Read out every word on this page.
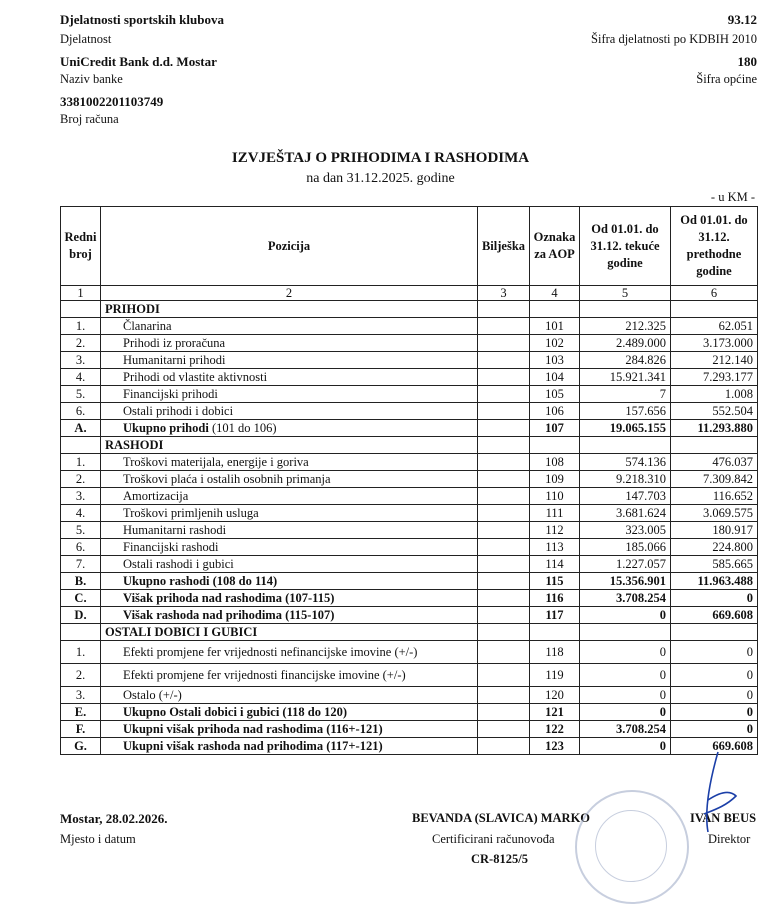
Djelatnosti sportskih klubova
Djelatnost
93.12
Šifra djelatnosti po KDBIH 2010
UniCredit Bank d.d. Mostar
Naziv banke
180
Šifra općine
3381002201103749
Broj računa
IZVJEŠTAJ O PRIHODIMA I RASHODIMA
na dan 31.12.2025. godine
- u KM -
Redni broj	Pozicija	Bilješka	Oznaka za AOP	Od 01.01. do 31.12. tekuće godine	Od 01.01. do 31.12. prethodne godine
1	2	3	4	5	6
	PRIHODI				
1.	Članarina		101	212.325	62.051
2.	Prihodi iz proračuna		102	2.489.000	3.173.000
3.	Humanitarni prihodi		103	284.826	212.140
4.	Prihodi od vlastite aktivnosti		104	15.921.341	7.293.177
5.	Financijski prihodi		105	7	1.008
6.	Ostali prihodi i dobici		106	157.656	552.504
A.	Ukupno prihodi (101 do 106)		107	19.065.155	11.293.880
	RASHODI				
1.	Troškovi materijala, energije i goriva		108	574.136	476.037
2.	Troškovi plaća i ostalih osobnih primanja		109	9.218.310	7.309.842
3.	Amortizacija		110	147.703	116.652
4.	Troškovi primljenih usluga		111	3.681.624	3.069.575
5.	Humanitarni rashodi		112	323.005	180.917
6.	Financijski rashodi		113	185.066	224.800
7.	Ostali rashodi i gubici		114	1.227.057	585.665
B.	Ukupno rashodi (108 do 114)		115	15.356.901	11.963.488
C.	Višak prihoda nad rashodima (107-115)		116	3.708.254	0
D.	Višak rashoda nad prihodima (115-107)		117	0	669.608
	OSTALI DOBICI I GUBICI				
1.	Efekti promjene fer vrijednosti nefinancijske imovine (+/-)		118	0	0
2.	Efekti promjene fer vrijednosti financijske imovine (+/-)		119	0	0
3.	Ostalo (+/-)		120	0	0
E.	Ukupno Ostali dobici i gubici (118 do 120)		121	0	0
F.	Ukupni višak prihoda nad rashodima (116+-121)		122	3.708.254	0
G.	Ukupni višak rashoda nad prihodima (117+-121)		123	0	669.608
Mostar, 28.02.2026.
Mjesto i datum
BEVANDA (SLAVICA) MARKO
Certificirani računovođa
CR-8125/5
IVAN BEUS
Direktor
